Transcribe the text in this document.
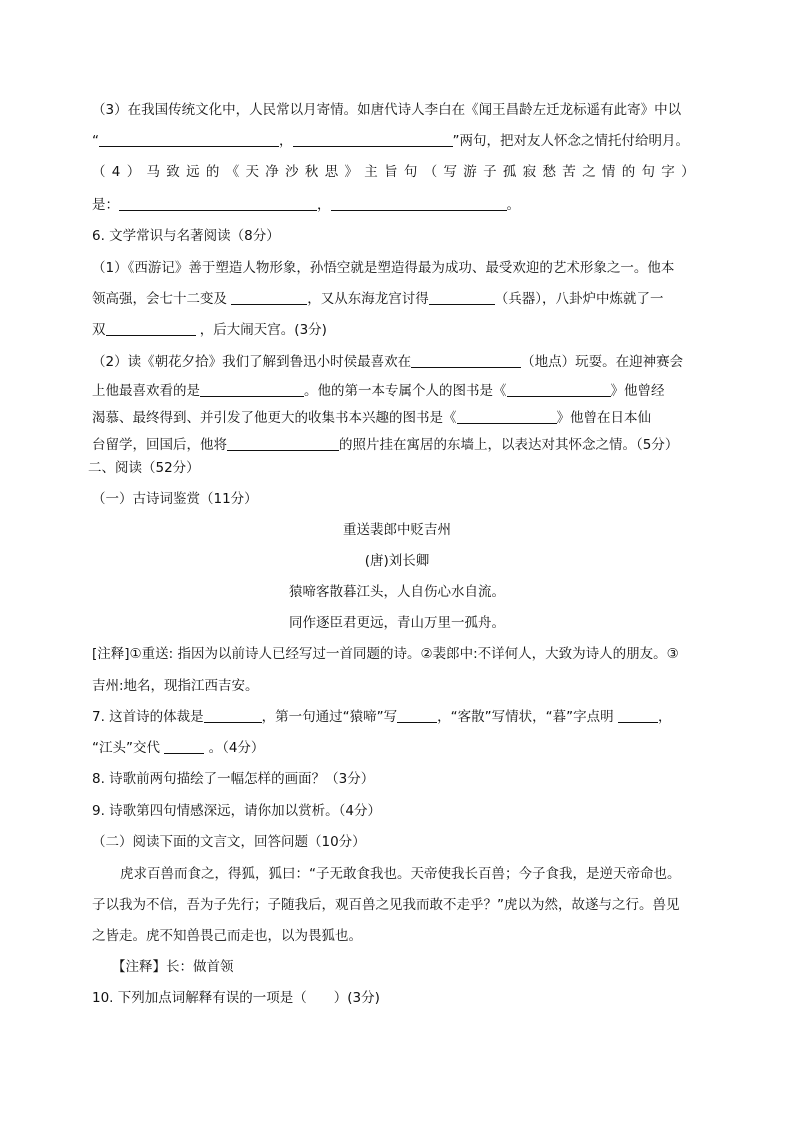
（3）在我国传统文化中，人民常以月寄情。如唐代诗人李白在《闻王昌龄左迁龙标遥有此寄》中以
“	，	”两句，把对友人怀念之情托付给明月。
（4）马致远的《天净沙秋思》主旨句（写游子孤寂愁苦之情的句字）
是：	，	。
6. 文学常识与名著阅读（8分）
（1）《西游记》善于塑造人物形象，孙悟空就是塑造得最为成功、最受欢迎的艺术形象之一。他本
领高强，会七十二变及	，又从东海龙宫讨得	（兵器），八卦炉中炼就了一
双	，后大闹天宫。(3分)
（2）读《朝花夕拾》我们了解到鲁迅小时侯最喜欢在	（地点）玩耍。在迎神赛会
上他最喜欢看的是	。他的第一本专属个人的图书是《	》他曾经
渴慕、最终得到、并引发了他更大的收集书本兴趣的图书是《	》他曾在日本仙
台留学，回国后，他将	的照片挂在寓居的东墙上，以表达对其怀念之情。（5分）
二、阅读（52分）
（一）古诗词鉴赏（11分）
重送裴郎中贬吉州
(唐)刘长卿
猿啼客散暮江头，人自伤心水自流。
同作逐臣君更远，青山万里一孤舟。
[注释]①重送: 指因为以前诗人已经写过一首同题的诗。②裴郎中:不详何人，大致为诗人的朋友。③
吉州:地名，现指江西吉安。
7. 这首诗的体裁是	，第一句通过“猿啼”写	，“客散”写情状，“暮”字点明	，
“江头”交代	。（4分）
8. 诗歌前两句描绘了一幅怎样的画面？（3分）
9. 诗歌第四句情感深远，请你加以赏析。（4分）
（二）阅读下面的文言文，回答问题（10分）
虎求百兽而食之，得狐，狐曰：“子无敢食我也。天帝使我长百兽；今子食我，是逆天帝命也。
子以我为不信，吾为子先行；子随我后，观百兽之见我而敢不走乎？”虎以为然，故遂与之行。兽见
之皆走。虎不知兽畏己而走也，以为畏狐也。
【注释】长：做首领
10. 下列加点词解释有误的一项是（　　）(3分)
